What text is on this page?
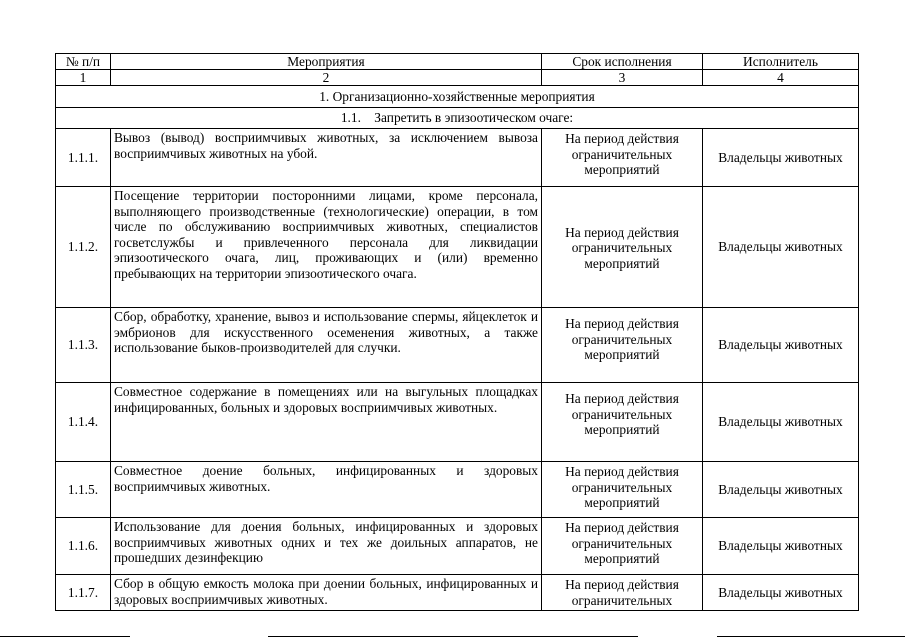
№ п/п	Мероприятия	Срок исполнения	Исполнитель
1	2	3	4
1. Организационно-хозяйственные мероприятия			
1.1.    Запретить в эпизоотическом очаге:			
1.1.1.	Вывоз (вывод) восприимчивых животных, за исключением вывоза восприимчивых животных на убой.	На период действия ограничительных мероприятий	Владельцы животных
1.1.2.	Посещение территории посторонними лицами, кроме персонала, выполняющего производственные (технологические) операции, в том числе по обслуживанию восприимчивых животных, специалистов госветслужбы и привлеченного персонала для ликвидации эпизоотического очага, лиц, проживающих и (или) временно пребывающих на территории эпизоотического очага.	На период действия ограничительных мероприятий	Владельцы животных
1.1.3.	Сбор, обработку, хранение, вывоз и использование спермы, яйцеклеток и эмбрионов для искусственного осеменения животных, а также использование быков-производителей для случки.	На период действия ограничительных мероприятий	Владельцы животных
1.1.4.	Совместное содержание в помещениях или на выгульных площадках инфицированных, больных и здоровых восприимчивых животных.	На период действия ограничительных мероприятий	Владельцы животных
1.1.5.	Совместное доение больных, инфицированных и здоровых восприимчивых животных.	На период действия ограничительных мероприятий	Владельцы животных
1.1.6.	Использование для доения больных, инфицированных и здоровых восприимчивых животных одних и тех же доильных аппаратов, не прошедших дезинфекцию	На период действия ограничительных мероприятий	Владельцы животных
1.1.7.	Сбор в общую емкость молока при доении больных, инфицированных и здоровых восприимчивых животных.	На период действия ограничительных	Владельцы животных
